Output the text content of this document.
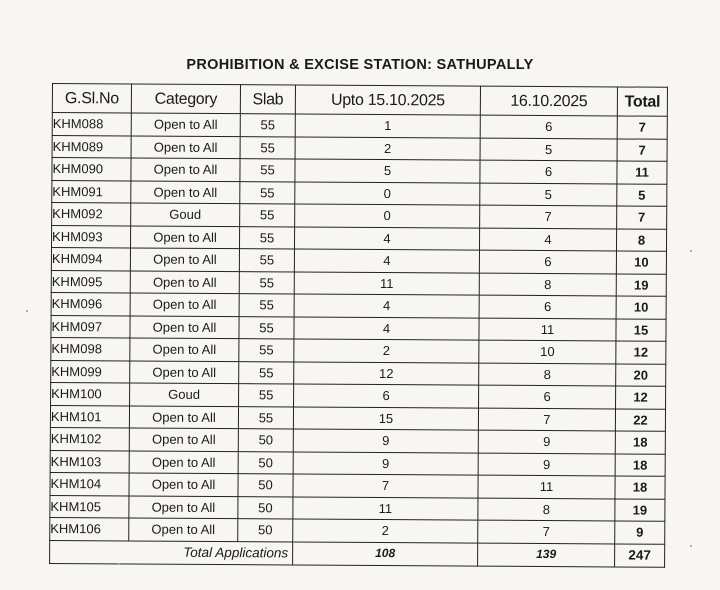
PROHIBITION & EXCISE STATION: SATHUPALLY
G.Sl.No	Category	Slab	Upto 15.10.2025	16.10.2025	Total
KHM088	Open to All	55	1	6	7
KHM089	Open to All	55	2	5	7
KHM090	Open to All	55	5	6	11
KHM091	Open to All	55	0	5	5
KHM092	Goud	55	0	7	7
KHM093	Open to All	55	4	4	8
KHM094	Open to All	55	4	6	10
KHM095	Open to All	55	11	8	19
KHM096	Open to All	55	4	6	10
KHM097	Open to All	55	4	11	15
KHM098	Open to All	55	2	10	12
KHM099	Open to All	55	12	8	20
KHM100	Goud	55	6	6	12
KHM101	Open to All	55	15	7	22
KHM102	Open to All	50	9	9	18
KHM103	Open to All	50	9	9	18
KHM104	Open to All	50	7	11	18
KHM105	Open to All	50	11	8	19
KHM106	Open to All	50	2	7	9
Total Applications			108	139	247
